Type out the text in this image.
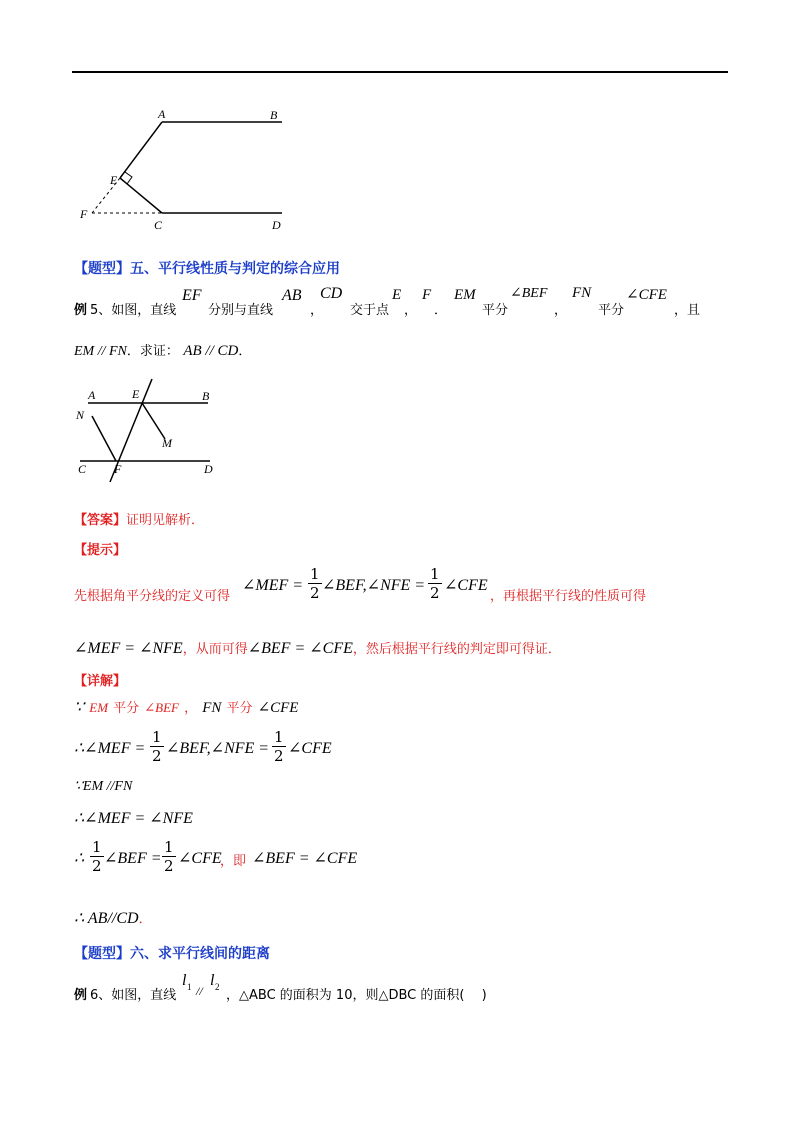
A	B
E
F
C	D
【题型】五、平行线性质与判定的综合应用
例 5、如图，直线
EF
分别与直线
AB
，
CD
交于点
E
，
F
．
EM
平分
∠BEF
，
FN
平分
∠CFE
，且
EM // FN．求证： AB // CD．
A	E	B
N
M
C F	D
【答案】证明见解析．
【提示】
先根据角平分线的定义可得
∠MEF = $\frac{1}{2}$ ∠BEF,∠NFE = $\frac{1}{2}$ ∠CFE
，再根据平行线的性质可得
∠MEF = ∠NFE，从而可得∠BEF = ∠CFE，然后根据平行线的判定即可得证．
【详解】
∵ EM 平分 ∠BEF ， FN 平分 ∠CFE
∴∠MEF = $\frac{1}{2}$ ∠BEF,∠NFE = $\frac{1}{2}$ ∠CFE
∵EM //FN
∴∠MEF = ∠NFE
∴ $\frac{1}{2}$ ∠BEF = $\frac{1}{2}$ ∠CFE
，即 ∠BEF = ∠CFE
∴ AB//CD．
【题型】六、求平行线间的距离
例 6、如图，直线
l 1 //
l 2
，△ABC 的面积为 10，则△DBC 的面积(　 )
